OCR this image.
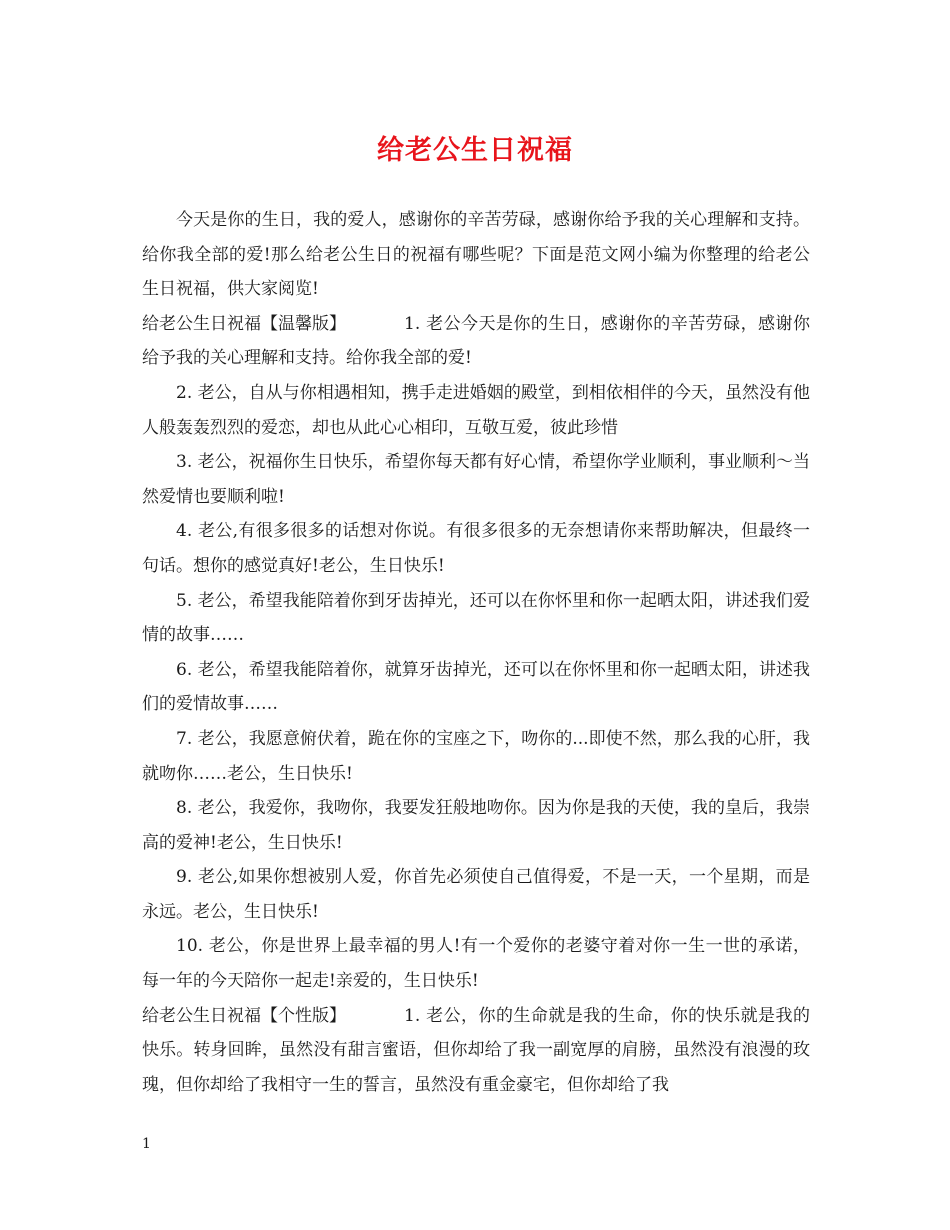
给老公生日祝福

今天是你的生日，我的爱人，感谢你的辛苦劳碌，感谢你给予我的关心理解和支持。给你我全部的爱!那么给老公生日的祝福有哪些呢？下面是范文网小编为你整理的给老公生日祝福，供大家阅览!

给老公生日祝福【温馨版】	1. 老公今天是你的生日，感谢你的辛苦劳碌，感谢你给予我的关心理解和支持。给你我全部的爱!

2. 老公，自从与你相遇相知，携手走进婚姻的殿堂，到相依相伴的今天，虽然没有他人般轰轰烈烈的爱恋，却也从此心心相印，互敬互爱，彼此珍惜

3. 老公，祝福你生日快乐，希望你每天都有好心情，希望你学业顺利，事业顺利～当然爱情也要顺利啦!

4. 老公,有很多很多的话想对你说。有很多很多的无奈想请你来帮助解决，但最终一句话。想你的感觉真好!老公，生日快乐!

5. 老公，希望我能陪着你到牙齿掉光，还可以在你怀里和你一起晒太阳，讲述我们爱情的故事……

6. 老公，希望我能陪着你，就算牙齿掉光，还可以在你怀里和你一起晒太阳，讲述我们的爱情故事……

7. 老公，我愿意俯伏着，跪在你的宝座之下，吻你的...即使不然，那么我的心肝，我就吻你……老公，生日快乐!

8. 老公，我爱你，我吻你，我要发狂般地吻你。因为你是我的天使，我的皇后，我崇高的爱神!老公，生日快乐!

9. 老公,如果你想被别人爱，你首先必须使自己值得爱，不是一天，一个星期，而是永远。老公，生日快乐!

10. 老公，你是世界上最幸福的男人!有一个爱你的老婆守着对你一生一世的承诺，每一年的今天陪你一起走!亲爱的，生日快乐!

给老公生日祝福【个性版】	1. 老公，你的生命就是我的生命，你的快乐就是我的快乐。转身回眸，虽然没有甜言蜜语，但你却给了我一副宽厚的肩膀，虽然没有浪漫的玫瑰，但你却给了我相守一生的誓言，虽然没有重金豪宅，但你却给了我

1
